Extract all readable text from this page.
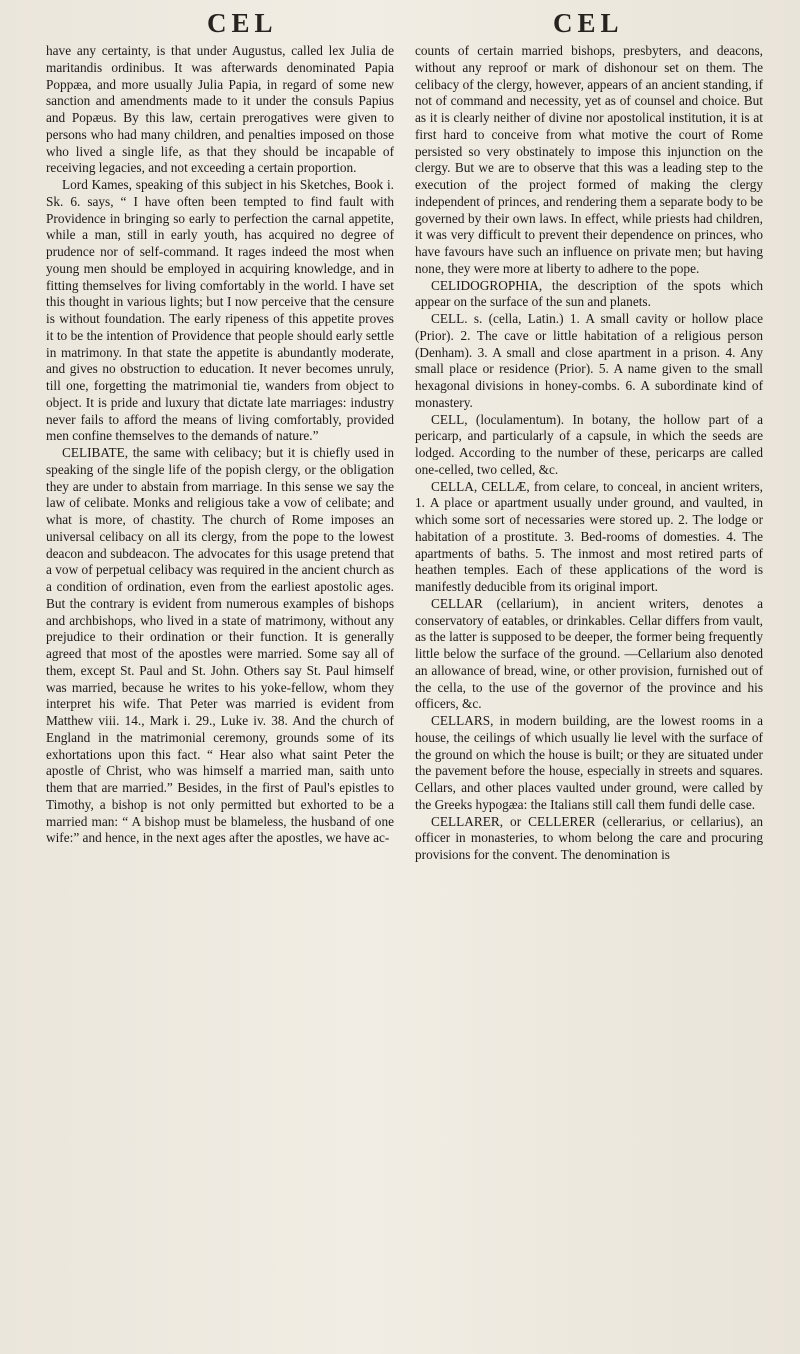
CEL	CEL

have any certainty, is that under Augustus, called lex Julia de maritandis ordinibus. It was afterwards denominated Papia Poppæa, and more usually Julia Papia, in regard of some new sanction and amendments made to it under the consuls Papius and Popæus. By this law, certain prerogatives were given to persons who had many children, and penalties imposed on those who lived a single life, as that they should be incapable of receiving legacies, and not exceeding a certain proportion.

Lord Kames, speaking of this subject in his Sketches, Book i. Sk. 6. says, “ I have often been tempted to find fault with Providence in bringing so early to perfection the carnal appetite, while a man, still in early youth, has acquired no degree of prudence nor of self-command. It rages indeed the most when young men should be employed in acquiring knowledge, and in fitting themselves for living comfortably in the world. I have set this thought in various lights; but I now perceive that the censure is without foundation. The early ripeness of this appetite proves it to be the intention of Providence that people should early settle in matrimony. In that state the appetite is abundantly moderate, and gives no obstruction to education. It never becomes unruly, till one, forgetting the matrimonial tie, wanders from object to object. It is pride and luxury that dictate late marriages: industry never fails to afford the means of living comfortably, provided men confine themselves to the demands of nature.”

CELIBATE, the same with celibacy; but it is chiefly used in speaking of the single life of the popish clergy, or the obligation they are under to abstain from marriage. In this sense we say the law of celibate. Monks and religious take a vow of celibate; and what is more, of chastity. The church of Rome imposes an universal celibacy on all its clergy, from the pope to the lowest deacon and subdeacon. The advocates for this usage pretend that a vow of perpetual celibacy was required in the ancient church as a condition of ordination, even from the earliest apostolic ages. But the contrary is evident from numerous examples of bishops and archbishops, who lived in a state of matrimony, without any prejudice to their ordination or their function. It is generally agreed that most of the apostles were married. Some say all of them, except St. Paul and St. John. Others say St. Paul himself was married, because he writes to his yoke-fellow, whom they interpret his wife. That Peter was married is evident from Matthew viii. 14., Mark i. 29., Luke iv. 38. And the church of England in the matrimonial ceremony, grounds some of its exhortations upon this fact. “ Hear also what saint Peter the apostle of Christ, who was himself a married man, saith unto them that are married.” Besides, in the first of Paul's epistles to Timothy, a bishop is not only permitted but exhorted to be a married man: “ A bishop must be blameless, the husband of one wife:” and hence, in the next ages after the apostles, we have ac-

counts of certain married bishops, presbyters, and deacons, without any reproof or mark of dishonour set on them. The celibacy of the clergy, however, appears of an ancient standing, if not of command and necessity, yet as of counsel and choice. But as it is clearly neither of divine nor apostolical institution, it is at first hard to conceive from what motive the court of Rome persisted so very obstinately to impose this injunction on the clergy. But we are to observe that this was a leading step to the execution of the project formed of making the clergy independent of princes, and rendering them a separate body to be governed by their own laws. In effect, while priests had children, it was very difficult to prevent their dependence on princes, who have favours have such an influence on private men; but having none, they were more at liberty to adhere to the pope.

CELIDOGROPHIA, the description of the spots which appear on the surface of the sun and planets.

CELL. s. (cella, Latin.) 1. A small cavity or hollow place (Prior). 2. The cave or little habitation of a religious person (Denham). 3. A small and close apartment in a prison. 4. Any small place or residence (Prior). 5. A name given to the small hexagonal divisions in honey-combs. 6. A subordinate kind of monastery.

CELL, (loculamentum). In botany, the hollow part of a pericarp, and particularly of a capsule, in which the seeds are lodged. According to the number of these, pericarps are called one-celled, two celled, &c.

CELLA, CELLÆ, from celare, to conceal, in ancient writers, 1. A place or apartment usually under ground, and vaulted, in which some sort of necessaries were stored up. 2. The lodge or habitation of a prostitute. 3. Bed-rooms of domesties. 4. The apartments of baths. 5. The inmost and most retired parts of heathen temples. Each of these applications of the word is manifestly deducible from its original import.

CELLAR (cellarium), in ancient writers, denotes a conservatory of eatables, or drinkables. Cellar differs from vault, as the latter is supposed to be deeper, the former being frequently little below the surface of the ground. —Cellarium also denoted an allowance of bread, wine, or other provision, furnished out of the cella, to the use of the governor of the province and his officers, &c.

CELLARS, in modern building, are the lowest rooms in a house, the ceilings of which usually lie level with the surface of the ground on which the house is built; or they are situated under the pavement before the house, especially in streets and squares. Cellars, and other places vaulted under ground, were called by the Greeks hypogæa: the Italians still call them fundi delle case.

CELLARER, or CELLERER (cellerarius, or cellarius), an officer in monasteries, to whom belong the care and procuring provisions for the convent. The denomination is
